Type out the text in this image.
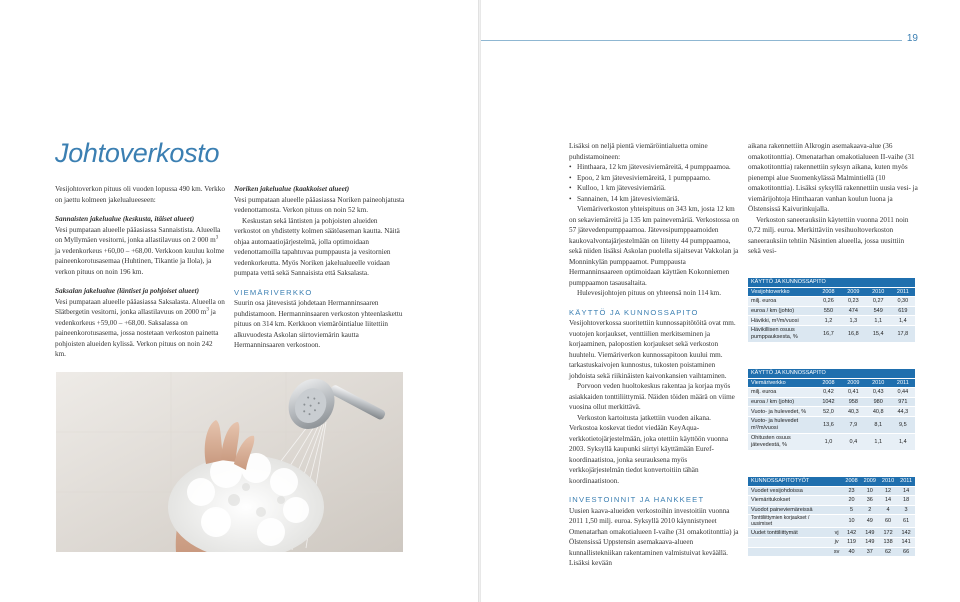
Johtoverkosto

Vesijohtoverkon pituus oli vuoden lopussa 490 km. Verkko on jaettu kolmeen jakelualueeseen:

Sannaisten jakelualue (keskusta, itäiset alueet)

Vesi pumpataan alueelle pääasiassa Sannaistista. Alueella on Myllymäen vesitorni, jonka allastilavuus on 2 000 $m^3$ ja vedenkorkeus +60,00 – +68,00. Verkkoon kuuluu kolme paineenkorotusasemaa (Huhtinen, Tikantie ja Ilola), ja verkon pituus on noin 196 km.

Saksalan jakelualue (läntiset ja pohjoiset alueet)

Vesi pumpataan alueelle pääasiassa Saksalasta. Alueella on Slätbergetin vesitorni, jonka allastilavuus on 2000 $m^3$ ja vedenkorkeus +59,00 – +68,00. Saksalassa on paineenkorotusasema, jossa nostetaan verkoston painetta pohjoisten alueiden kylissä. Verkon pituus on noin 242 km.

Noriken jakelualue (kaakkoiset alueet)

Vesi pumpataan alueelle pääasiassa Noriken paineohjatusta vedenottamosta. Verkon pituus on noin 52 km.

Keskustan sekä läntisten ja pohjoisten alueiden verkostot on yhdistetty kolmen säätöaseman kautta. Näitä ohjaa automaatiojärjestelmä, jolla optimoidaan vedenottamoilla tapahtuvaa pumppausta ja vesitornien vedenkorkeutta. Myös Noriken jakelualueelle voidaan pumpata vettä sekä Sannaisista että Saksalasta.

VIEMÄRIVERKKO

Suurin osa jätevesistä johdetaan Hermanninsaaren puhdistamoon. Hermanninsaaren verkoston yhteenlaskettu pituus on 314 km. Kerkkoon viemäröintialue liitettiin alkuvuodesta Askolan siirtoviemärin kautta Hermanninsaaren verkostoon.

19

Lisäksi on neljä pientä viemäröintialuetta omine puhdistamoineen:

• Hinthaara, 12 km jätevesiviemäreitä, 4 pumppaamoa.
• Epoo, 2 km jätevesiviemäreitä, 1 pumppaamo.
• Kulloo, 1 km jätevesiviemäriä.
• Sannainen, 14 km jätevesiviemäriä.

Viemäriverkoston yhteispituus on 343 km, josta 12 km on sekaviemäreitä ja 135 km painevemäriä. Verkostossa on 57 jätevedenpumppaamoa. Jätevesipumppaamoiden kaukovalvontajärjestelmään on liitetty 44 pumppaamoa, sekä niiden lisäksi Askolan puolella sijaitsevat Vakkolan ja Monninkylän pumppaamot. Pumppausta Hermanninsaareen optimoidaan käyttäen Kokonniemen pumppaamon tasausaltaita.

Hulevesijohtojen pituus on yhteensä noin 114 km.

KÄYTTÖ JA KUNNOSSAPITO

Vesijohtoverkossa suoritettiin kunnossapitötöitä ovat mm. vuotojen korjaukset, venttiilien merkitseminen ja korjaaminen, palopostien korjaukset sekä verkoston huuhtelu. Viemäriverkon kunnossapitoon kuului mm. tarkastuskaivojen kunnostus, tukosten poistaminen johdoista sekä riikinäisten kaivonkansien vaihtaminen.

Porvoon veden huoltokeskus rakentaa ja korjaa myös asiakkaiden tonttiliittymiä. Näiden töiden määrä on viime vuosina ollut merkittävä.

Verkoston kartoitusta jatkettiin vuoden aikana. Verkostoa koskevat tiedot viedään KeyAqua-verkkotietojärjestelmään, joka otettiin käyttöön vuonna 2003. Syksyllä kaupunki siirtyi käyttämään Euref-koordinaatistoa, jonka seurauksena myös verkkojärjestelmän tiedot konvertoitiin tähän koordinaatistoon.

INVESTOINNIT JA HANKKEET

Uusien kaava-alueiden verkostoihin investoitiin vuonna 2011 1,50 milj. euroa. Syksyllä 2010 käynnistyneet Omenatarhan omakotialueen I-vaihe (31 omakotitonttia) ja Ölstensissä Uppstensin asemakaava-alueen kunnallistekniikan rakentaminen valmistuivat keväällä. Lisäksi kevään

aikana rakennettiin Alkrogin asemakaava-alue (36 omakotitonttia). Omenatarhan omakotialueen II-vaihe (31 omakotitonttia) rakennettiin syksyn aikana, kuten myös pienempi alue Suomenkylässä Malmintiellä (10 omakotitonttia). Lisäksi syksyllä rakennettiin uusia vesi- ja viemärijohtoja Hinthaaran vanhan koulun luona ja Ölstensissä Kaivurinkujalla.

Verkoston saneerauksiin käytettiin vuonna 2011 noin 0,72 milj. euroa. Merkittäviin vesihuoltoverkoston saneerauksiin tehtiin Näsintien alueella, jossa uusittiin sekä vesi-

KÄYTTÖ JA KUNNOSSAPITO				
Vesijohtoverkko	2008	2009	2010	2011
milj. euroa	0,26	0,23	0,27	0,30
euroa / km (johto)	550	474	549	619
Hävikki, m³/m/vuosi	1,2	1,3	1,1	1,4
Hävikillisen osuus pumppauksesta, %	16,7	16,8	15,4	17,8
KÄYTTÖ JA KUNNOSSAPITO				
Viemäriverkko	2008	2009	2010	2011
milj. euroa	0,42	0,41	0,43	0,44
euroa / km (johto)	1042	958	980	971
Vuoto- ja hulevedet, %	52,0	40,3	40,8	44,3
Vuoto- ja hulevedet m³/m/vuosi	13,6	7,9	8,1	9,5
Ohitusten osuus jätevedestä, %	1,0	0,4	1,1	1,4
KUNNOSSAPITOTYÖT		2008	2009	2010	2011
Vuodet vesijohdoissa		23	10	12	14
Viemäritukokset		20	36	14	18
Vuodot paineviemäreissä		5	2	4	3
Tonttiliittymien korjaukset / uusimiset		10	49	60	61
Uudet tonttiliittymät	vj	142	149	172	142
	jv	119	149	138	141
	sv	40	37	62	66
